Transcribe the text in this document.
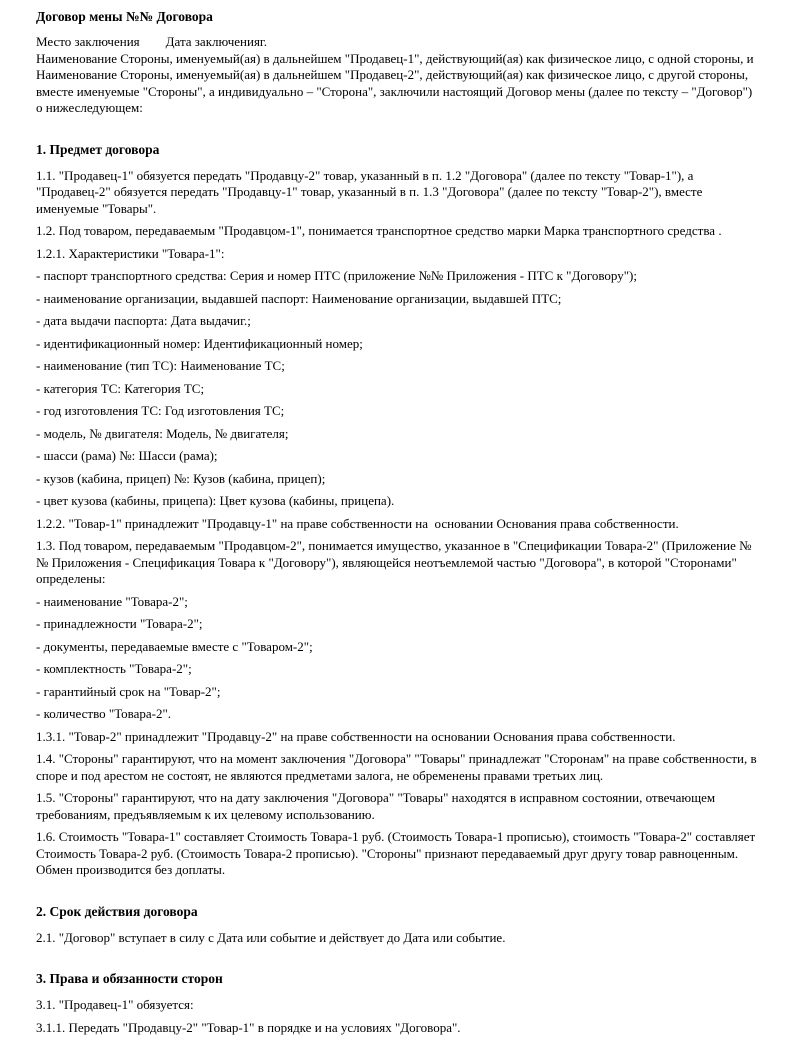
Договор мены №№ Договора

Место заключения Дата заключенияг.

Наименование Стороны, именуемый(ая) в дальнейшем "Продавец-1", действующий(ая) как физическое лицо, с одной стороны, и Наименование Стороны, именуемый(ая) в дальнейшем "Продавец-2", действующий(ая) как физическое лицо, с другой стороны, вместе именуемые "Стороны", а индивидуально – "Сторона", заключили настоящий Договор мены (далее по тексту – "Договор") о нижеследующем:

1. Предмет договора

1.1. "Продавец-1" обязуется передать "Продавцу-2" товар, указанный в п. 1.2 "Договора" (далее по тексту "Товар-1"), а "Продавец-2" обязуется передать "Продавцу-1" товар, указанный в п. 1.3 "Договора" (далее по тексту "Товар-2"), вместе именуемые "Товары".

1.2. Под товаром, передаваемым "Продавцом-1", понимается транспортное средство марки Марка транспортного средства .

1.2.1. Характеристики "Товара-1":

- паспорт транспортного средства: Серия и номер ПТС (приложение №№ Приложения - ПТС к "Договору");

- наименование организации, выдавшей паспорт: Наименование организации, выдавшей ПТС;

- дата выдачи паспорта: Дата выдачиг.;

- идентификационный номер: Идентификационный номер;

- наименование (тип ТС): Наименование ТС;

- категория ТС: Категория ТС;

- год изготовления ТС: Год изготовления ТС;

- модель, № двигателя: Модель, № двигателя;

- шасси (рама) №: Шасси (рама);

- кузов (кабина, прицеп) №: Кузов (кабина, прицеп);

- цвет кузова (кабины, прицепа): Цвет кузова (кабины, прицепа).

1.2.2. "Товар-1" принадлежит "Продавцу-1" на праве собственности на  основании Основания права собственности.

1.3. Под товаром, передаваемым "Продавцом-2", понимается имущество, указанное в "Спецификации Товара-2" (Приложение №№ Приложения - Спецификация Товара к "Договору"), являющейся неотъемлемой частью "Договора", в которой "Сторонами" определены:

- наименование "Товара-2";

- принадлежности "Товара-2";

- документы, передаваемые вместе с "Товаром-2";

- комплектность "Товара-2";

- гарантийный срок на "Товар-2";

- количество "Товара-2".

1.3.1. "Товар-2" принадлежит "Продавцу-2" на праве собственности на основании Основания права собственности.

1.4. "Стороны" гарантируют, что на момент заключения "Договора" "Товары" принадлежат "Сторонам" на праве собственности, в споре и под арестом не состоят, не являются предметами залога, не обременены правами третьих лиц.

1.5. "Стороны" гарантируют, что на дату заключения "Договора" "Товары" находятся в исправном состоянии, отвечающем требованиям, предъявляемым к их целевому использованию.

1.6. Стоимость "Товара-1" составляет Стоимость Товара-1 руб. (Стоимость Товара-1 прописью), стоимость "Товара-2" составляет Стоимость Товара-2 руб. (Стоимость Товара-2 прописью). "Стороны" признают передаваемый друг другу товар равноценным. Обмен производится без доплаты.

2. Срок действия договора

2.1. "Договор" вступает в силу с Дата или событие и действует до Дата или событие.

3. Права и обязанности сторон

3.1. "Продавец-1" обязуется:

3.1.1. Передать "Продавцу-2" "Товар-1" в порядке и на условиях "Договора".
